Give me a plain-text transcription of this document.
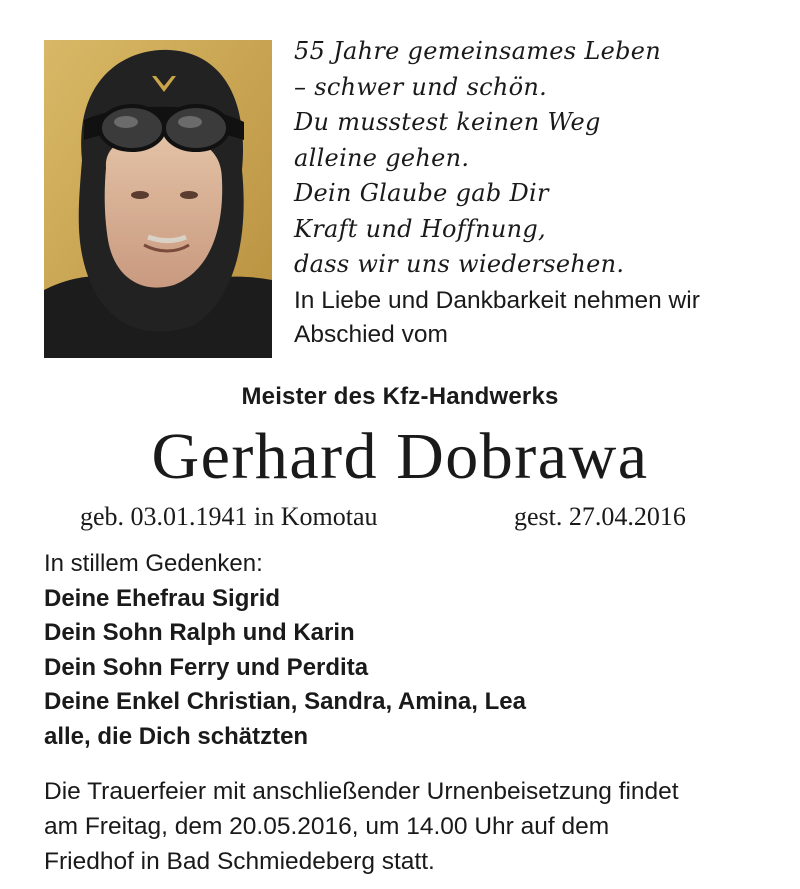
55 Jahre gemeinsames Leben
– schwer und schön.
Du musstest keinen Weg
alleine gehen.
Dein Glaube gab Dir
Kraft und Hoffnung,
dass wir uns wiedersehen.
In Liebe und Dankbarkeit nehmen wir
Abschied vom
Meister des Kfz-Handwerks
Gerhard Dobrawa
geb. 03.01.1941 in Komotau	gest. 27.04.2016
In stillem Gedenken:
Deine Ehefrau Sigrid
Dein Sohn Ralph und Karin
Dein Sohn Ferry und Perdita
Deine Enkel Christian, Sandra, Amina, Lea
alle, die Dich schätzten
Die Trauerfeier mit anschließender Urnenbeisetzung findet
am Freitag, dem 20.05.2016, um 14.00 Uhr auf dem
Friedhof in Bad Schmiedeberg statt.
